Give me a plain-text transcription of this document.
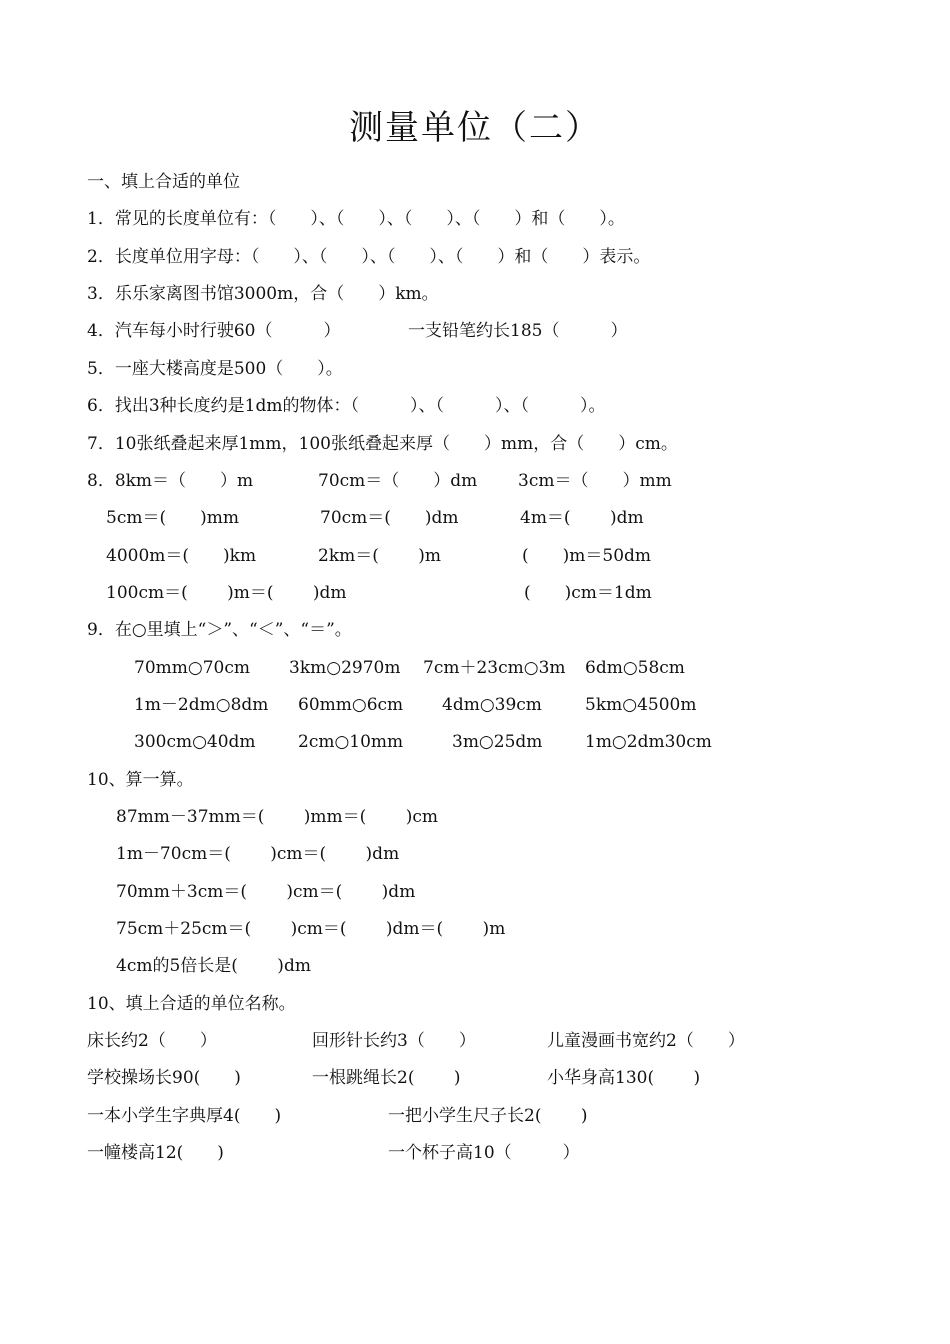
测量单位（二）
一、填上合适的单位
1．常见的长度单位有：（　　）、（　　）、（　　）、（　　）和（　　）。
2．长度单位用字母：（　　）、（　　）、（　　）、（　　）和（　　）表示。
3．乐乐家离图书馆3000m，合（　　）km。
4．汽车每小时行驶60（　　　）	一支铅笔约长185（　　　）
5．一座大楼高度是500（　　）。
6．找出3种长度约是1dm的物体：（　　　）、（　　　）、（　　　）。
7．10张纸叠起来厚1mm，100张纸叠起来厚（　　）mm，合（　　）cm。
8．8km＝（　　）m	70cm＝（　　）dm 3cm＝（　　）mm
5cm＝(　　)mm	70cm＝(　　)dm	4m＝(　　 )dm
4000m＝(　　)km	2km＝(　　 )m	(　　)m＝50dm
100cm＝(　　 )m＝(　　 )dm	(　　)cm＝1dm
9．在○里填上“＞”、“＜”、“＝”。
70mm○70cm 3km○2970m 7cm＋23cm○3m 6dm○58cm
1m－2dm○8dm 60mm○6cm 4dm○39cm	5km○4500m
300cm○40dm 2cm○10mm	3m○25dm	1m○2dm30cm
10、算一算。
87mm－37mm＝(　　 )mm＝(　　 )cm
1m－70cm＝(　　 )cm＝(　　 )dm
70mm＋3cm＝(　　 )cm＝(　　 )dm
75cm＋25cm＝(　　 )cm＝(　　 )dm＝(　　 )m
4cm的5倍长是(　　 )dm
10、填上合适的单位名称。
床长约2（　　）	回形针长约3（　　）	儿童漫画书宽约2（　　）
学校操场长90(　　)	一根跳绳长2(　　 )	小华身高130(　　 )
一本小学生字典厚4(　　)	一把小学生尺子长2(　　 )
一幢楼高12(　　)	一个杯子高10（　　　）
